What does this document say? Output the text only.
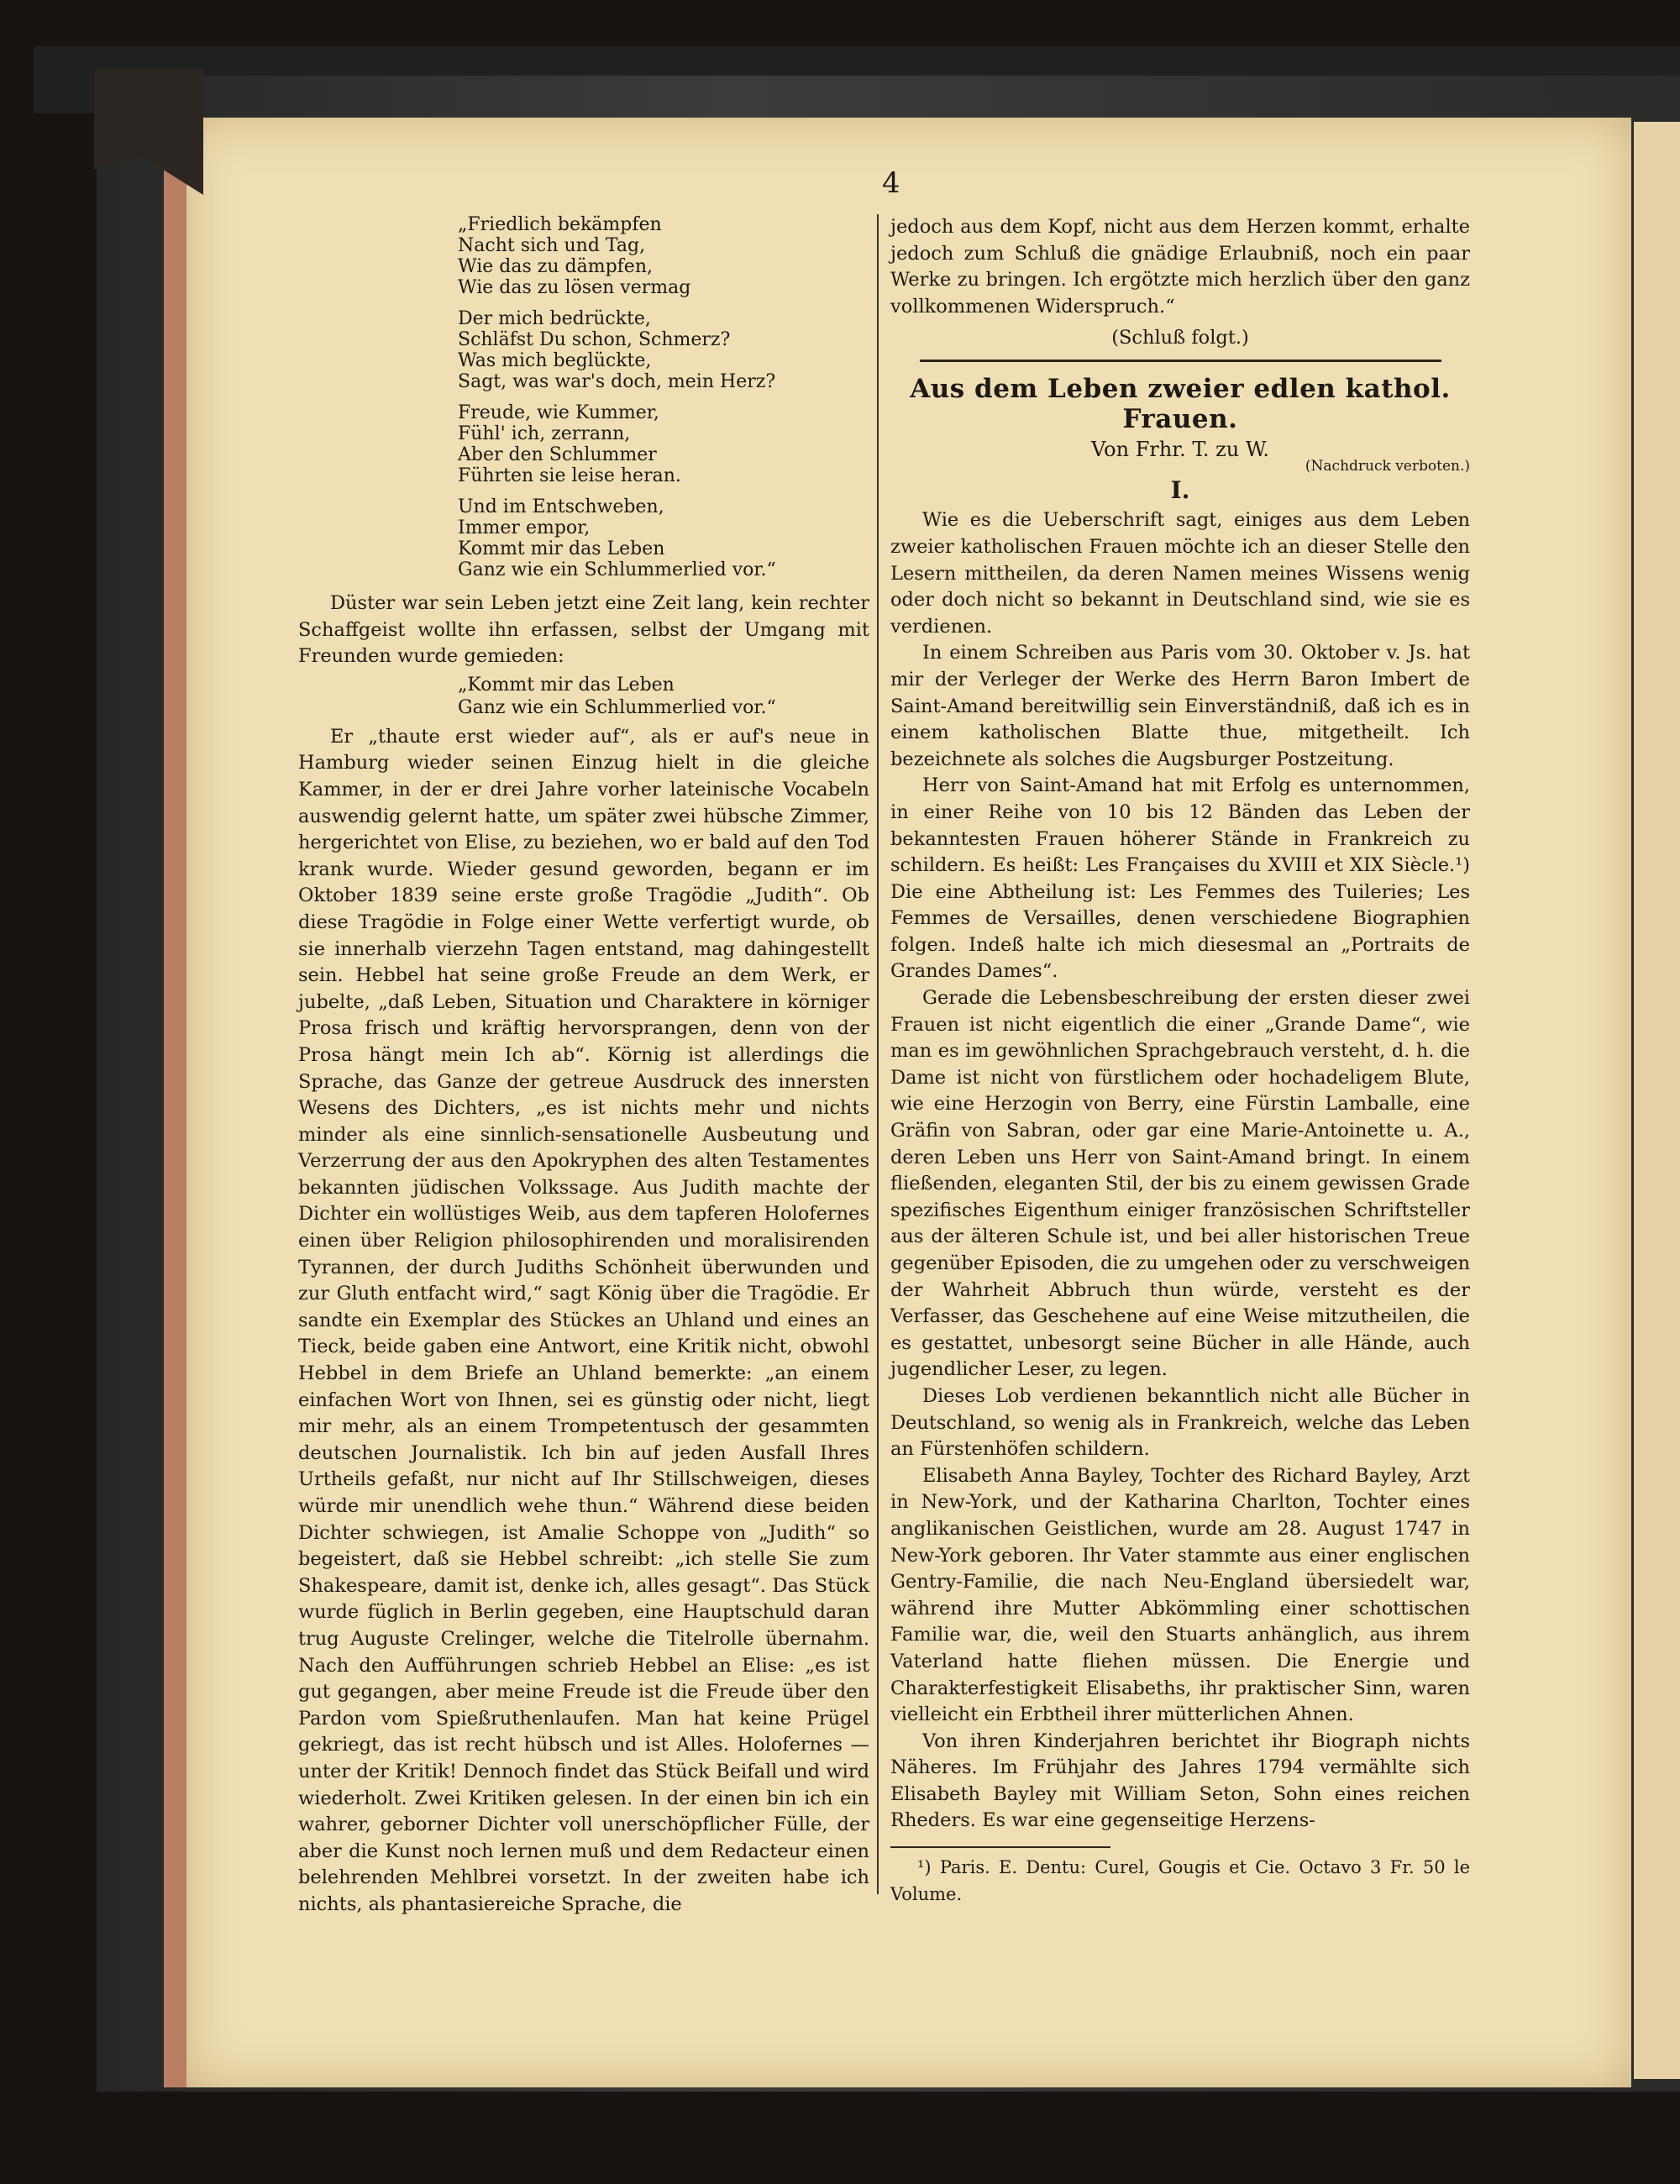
4
„Friedlich bekämpfen
Nacht sich und Tag,
Wie das zu dämpfen,
Wie das zu lösen vermag
Der mich bedrückte,
Schläfst Du schon, Schmerz?
Was mich beglückte,
Sagt, was war's doch, mein Herz?
Freude, wie Kummer,
Fühl' ich, zerrann,
Aber den Schlummer
Führten sie leise heran.
Und im Entschweben,
Immer empor,
Kommt mir das Leben
Ganz wie ein Schlummerlied vor.“

Düster war sein Leben jetzt eine Zeit lang, kein rechter Schaffgeist wollte ihn erfassen, selbst der Umgang mit Freunden wurde gemieden:

„Kommt mir das Leben
Ganz wie ein Schlummerlied vor.“

Er „thaute erst wieder auf“, als er auf's neue in Hamburg wieder seinen Einzug hielt in die gleiche Kammer, in der er drei Jahre vorher lateinische Vocabeln auswendig gelernt hatte, um später zwei hübsche Zimmer, hergerichtet von Elise, zu beziehen, wo er bald auf den Tod krank wurde. Wieder gesund geworden, begann er im Oktober 1839 seine erste große Tragödie „Judith“. Ob diese Tragödie in Folge einer Wette verfertigt wurde, ob sie innerhalb vierzehn Tagen entstand, mag dahingestellt sein. Hebbel hat seine große Freude an dem Werk, er jubelte, „daß Leben, Situation und Charaktere in körniger Prosa frisch und kräftig hervorsprangen, denn von der Prosa hängt mein Ich ab“. Körnig ist allerdings die Sprache, das Ganze der getreue Ausdruck des innersten Wesens des Dichters, „es ist nichts mehr und nichts minder als eine sinnlich-sensationelle Ausbeutung und Verzerrung der aus den Apokryphen des alten Testamentes bekannten jüdischen Volkssage. Aus Judith machte der Dichter ein wollüstiges Weib, aus dem tapferen Holofernes einen über Religion philosophirenden und moralisirenden Tyrannen, der durch Judiths Schönheit überwunden und zur Gluth entfacht wird,“ sagt König über die Tragödie. Er sandte ein Exemplar des Stückes an Uhland und eines an Tieck, beide gaben eine Antwort, eine Kritik nicht, obwohl Hebbel in dem Briefe an Uhland bemerkte: „an einem einfachen Wort von Ihnen, sei es günstig oder nicht, liegt mir mehr, als an einem Trompetentusch der gesammten deutschen Journalistik. Ich bin auf jeden Ausfall Ihres Urtheils gefaßt, nur nicht auf Ihr Stillschweigen, dieses würde mir unendlich wehe thun.“ Während diese beiden Dichter schwiegen, ist Amalie Schoppe von „Judith“ so begeistert, daß sie Hebbel schreibt: „ich stelle Sie zum Shakespeare, damit ist, denke ich, alles gesagt“. Das Stück wurde füglich in Berlin gegeben, eine Hauptschuld daran trug Auguste Crelinger, welche die Titelrolle übernahm. Nach den Aufführungen schrieb Hebbel an Elise: „es ist gut gegangen, aber meine Freude ist die Freude über den Pardon vom Spießruthenlaufen. Man hat keine Prügel gekriegt, das ist recht hübsch und ist Alles. Holofernes — unter der Kritik! Dennoch findet das Stück Beifall und wird wiederholt. Zwei Kritiken gelesen. In der einen bin ich ein wahrer, geborner Dichter voll unerschöpflicher Fülle, der aber die Kunst noch lernen muß und dem Redacteur einen belehrenden Mehlbrei vorsetzt. In der zweiten habe ich nichts, als phantasiereiche Sprache, die

jedoch aus dem Kopf, nicht aus dem Herzen kommt, erhalte jedoch zum Schluß die gnädige Erlaubniß, noch ein paar Werke zu bringen. Ich ergötzte mich herzlich über den ganz vollkommenen Widerspruch.“
(Schluß folgt.)
Aus dem Leben zweier edlen kathol. Frauen.
Von Frhr. T. zu W.
(Nachdruck verboten.)
I.

Wie es die Ueberschrift sagt, einiges aus dem Leben zweier katholischen Frauen möchte ich an dieser Stelle den Lesern mittheilen, da deren Namen meines Wissens wenig oder doch nicht so bekannt in Deutschland sind, wie sie es verdienen.

In einem Schreiben aus Paris vom 30. Oktober v. Js. hat mir der Verleger der Werke des Herrn Baron Imbert de Saint-Amand bereitwillig sein Einverständniß, daß ich es in einem katholischen Blatte thue, mitgetheilt. Ich bezeichnete als solches die Augsburger Postzeitung.

Herr von Saint-Amand hat mit Erfolg es unternommen, in einer Reihe von 10 bis 12 Bänden das Leben der bekanntesten Frauen höherer Stände in Frankreich zu schildern. Es heißt: Les Françaises du XVIII et XIX Siècle.¹) Die eine Abtheilung ist: Les Femmes des Tuileries; Les Femmes de Versailles, denen verschiedene Biographien folgen. Indeß halte ich mich diesesmal an „Portraits de Grandes Dames“.

Gerade die Lebensbeschreibung der ersten dieser zwei Frauen ist nicht eigentlich die einer „Grande Dame“, wie man es im gewöhnlichen Sprachgebrauch versteht, d. h. die Dame ist nicht von fürstlichem oder hochadeligem Blute, wie eine Herzogin von Berry, eine Fürstin Lamballe, eine Gräfin von Sabran, oder gar eine Marie-Antoinette u. A., deren Leben uns Herr von Saint-Amand bringt. In einem fließenden, eleganten Stil, der bis zu einem gewissen Grade spezifisches Eigenthum einiger französischen Schriftsteller aus der älteren Schule ist, und bei aller historischen Treue gegenüber Episoden, die zu umgehen oder zu verschweigen der Wahrheit Abbruch thun würde, versteht es der Verfasser, das Geschehene auf eine Weise mitzutheilen, die es gestattet, unbesorgt seine Bücher in alle Hände, auch jugendlicher Leser, zu legen.

Dieses Lob verdienen bekanntlich nicht alle Bücher in Deutschland, so wenig als in Frankreich, welche das Leben an Fürstenhöfen schildern.

Elisabeth Anna Bayley, Tochter des Richard Bayley, Arzt in New-York, und der Katharina Charlton, Tochter eines anglikanischen Geistlichen, wurde am 28. August 1747 in New-York geboren. Ihr Vater stammte aus einer englischen Gentry-Familie, die nach Neu-England übersiedelt war, während ihre Mutter Abkömmling einer schottischen Familie war, die, weil den Stuarts anhänglich, aus ihrem Vaterland hatte fliehen müssen. Die Energie und Charakterfestigkeit Elisabeths, ihr praktischer Sinn, waren vielleicht ein Erbtheil ihrer mütterlichen Ahnen.

Von ihren Kinderjahren berichtet ihr Biograph nichts Näheres. Im Frühjahr des Jahres 1794 vermählte sich Elisabeth Bayley mit William Seton, Sohn eines reichen Rheders. Es war eine gegenseitige Herzens-

¹) Paris. E. Dentu: Curel, Gougis et Cie. Octavo 3 Fr. 50 le Volume.
